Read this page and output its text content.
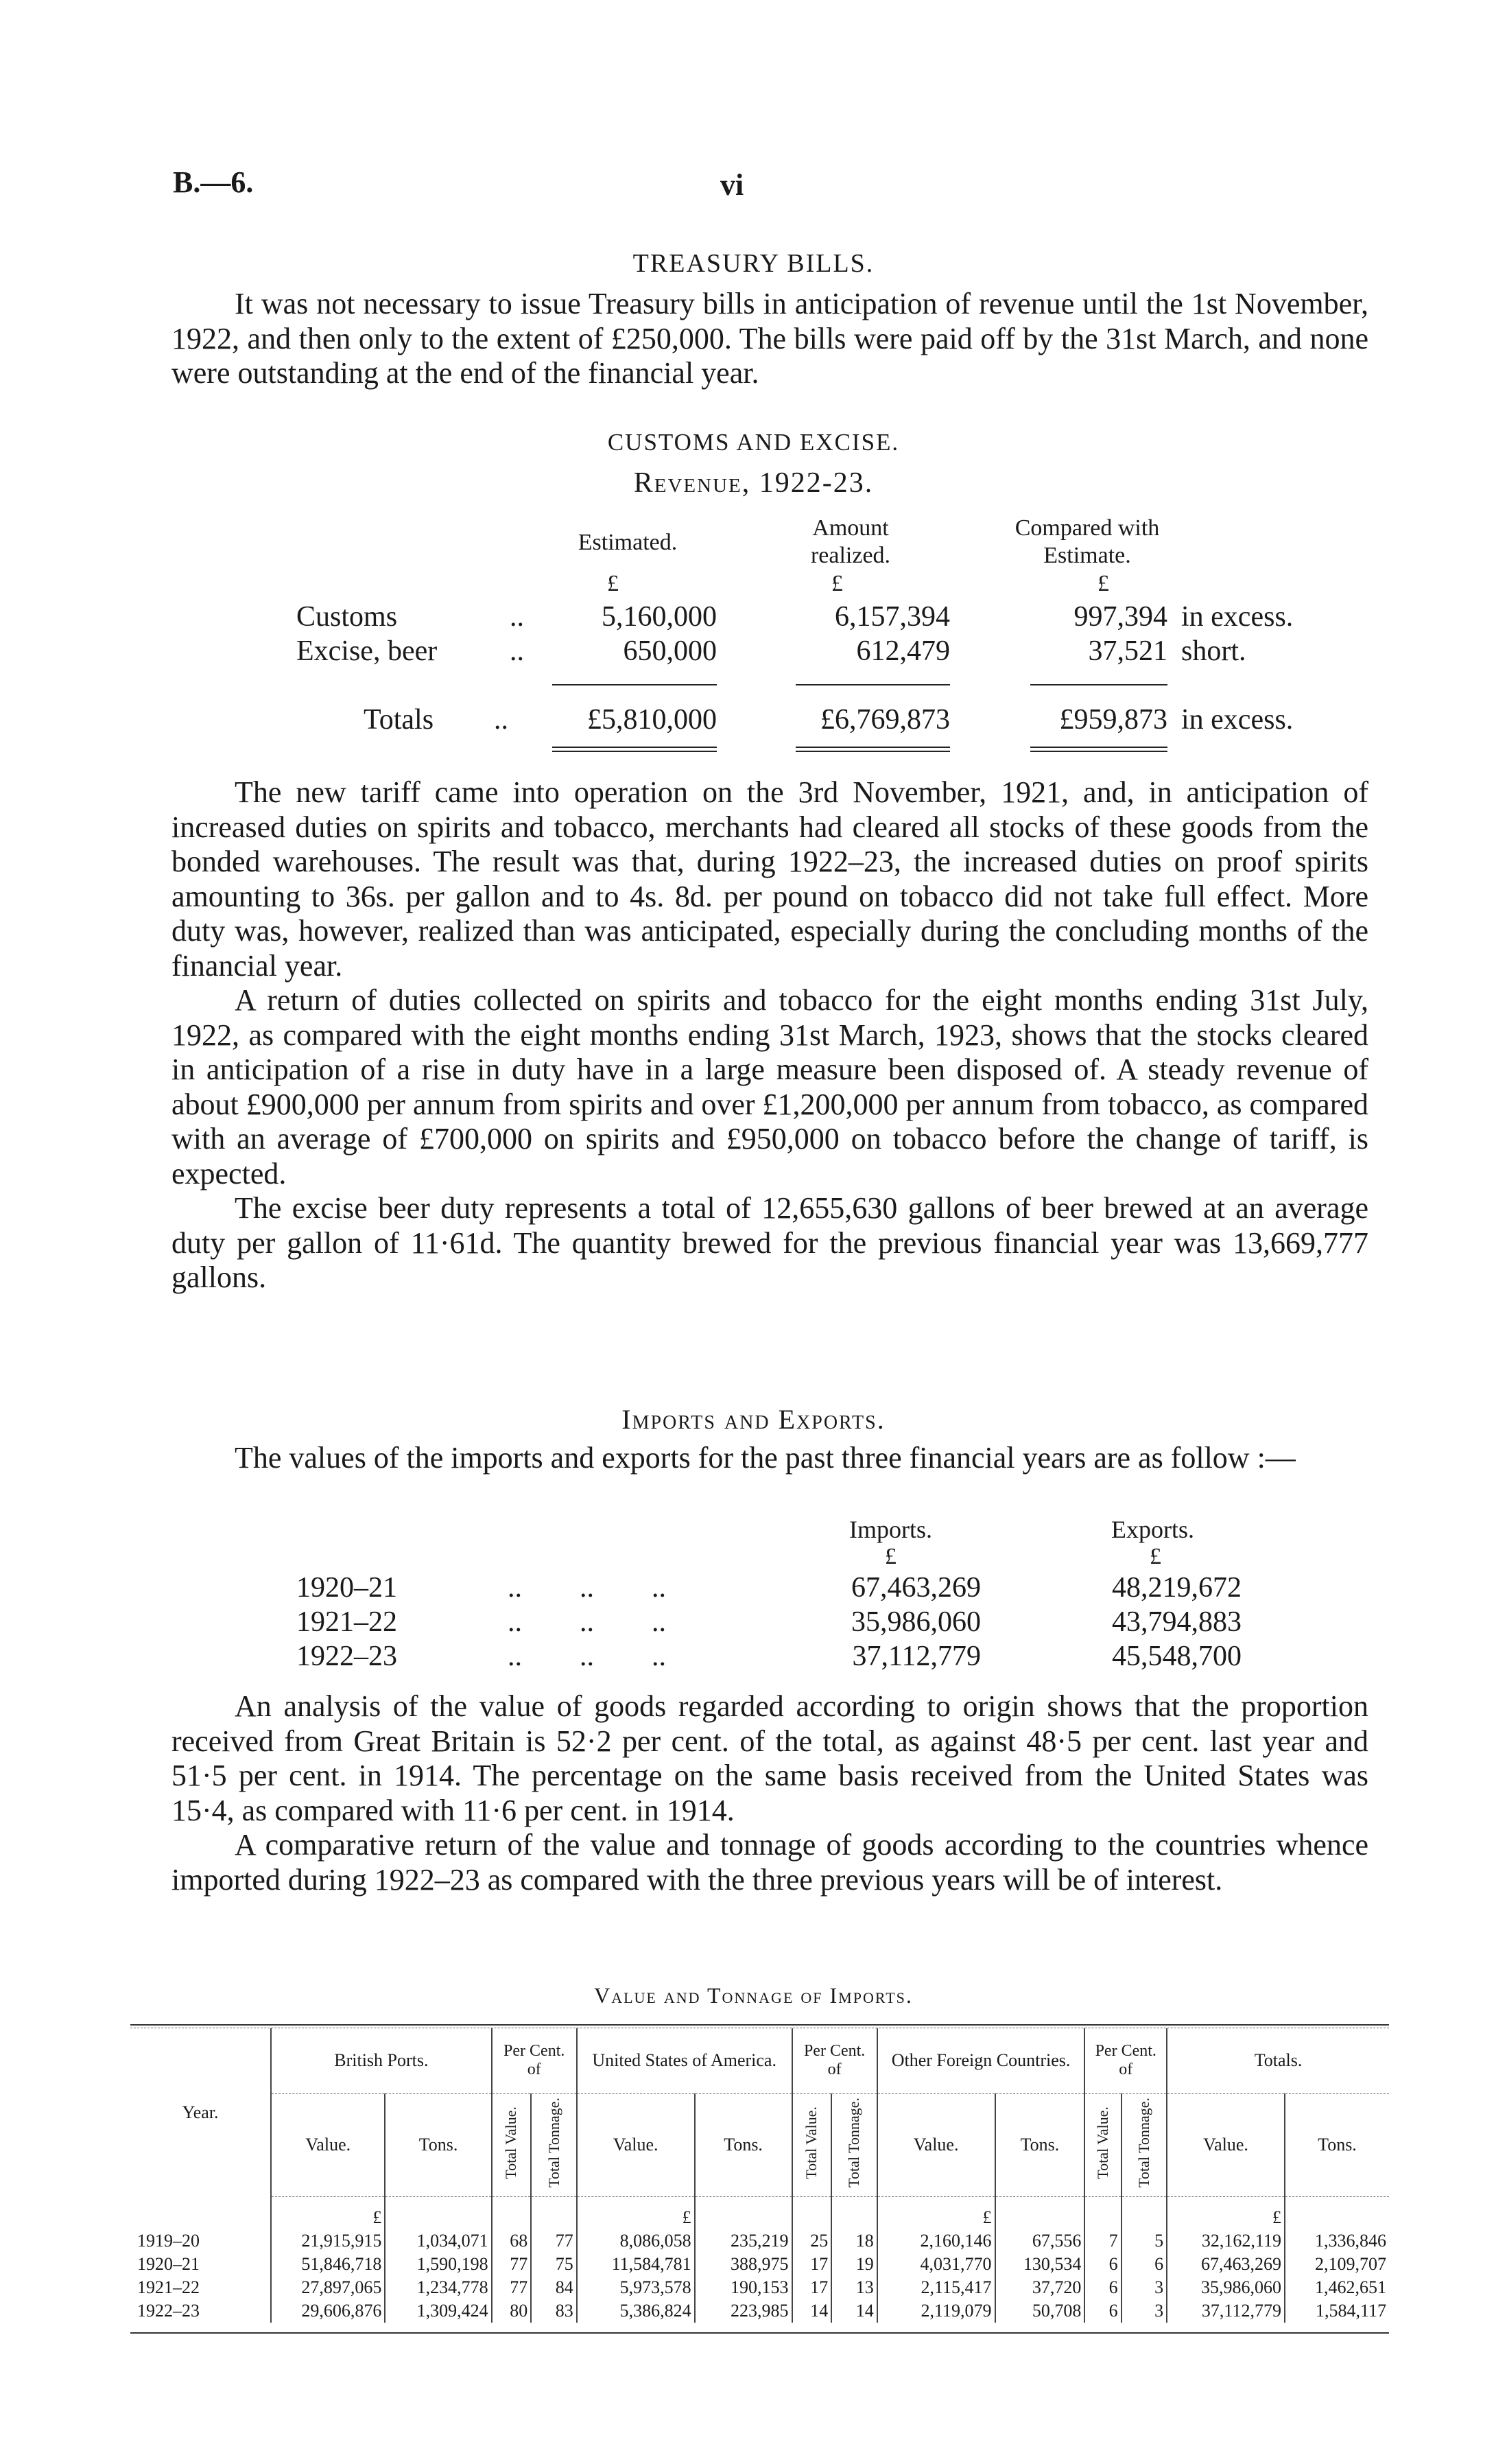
B.—6.	vi
TREASURY BILLS.

It was not necessary to issue Treasury bills in anticipation of revenue until the 1st November, 1922, and then only to the extent of £250,000. The bills were paid off by the 31st March, and none were outstanding at the end of the financial year.

CUSTOMS AND EXCISE.
Revenue, 1922-23.
Estimated.
Amount realized.
Compared with Estimate.
£	£	£
Customs	..	5,160,000	6,157,394	997,394 in excess.
Excise, beer	..	650,000	612,479	37,521 short.
Totals ..	£5,810,000	£6,769,873	£959,873 in excess.

The new tariff came into operation on the 3rd November, 1921, and, in anticipation of increased duties on spirits and tobacco, merchants had cleared all stocks of these goods from the bonded warehouses. The result was that, during 1922–23, the increased duties on proof spirits amounting to 36s. per gallon and to 4s. 8d. per pound on tobacco did not take full effect. More duty was, however, realized than was anticipated, especially during the concluding months of the financial year.

A return of duties collected on spirits and tobacco for the eight months ending 31st July, 1922, as compared with the eight months ending 31st March, 1923, shows that the stocks cleared in anticipation of a rise in duty have in a large measure been disposed of. A steady revenue of about £900,000 per annum from spirits and over £1,200,000 per annum from tobacco, as compared with an average of £700,000 on spirits and £950,000 on tobacco before the change of tariff, is expected.

The excise beer duty represents a total of 12,655,630 gallons of beer brewed at an average duty per gallon of 11·61d. The quantity brewed for the previous financial year was 13,669,777 gallons.

Imports and Exports.

The values of the imports and exports for the past three financial years are as follow :—

Imports.	Exports.
£	£
1920–21	..        ..        ..	67,463,269	48,219,672
1921–22	..        ..        ..	35,986,060	43,794,883
1922–23	..        ..        ..	37,112,779	45,548,700

An analysis of the value of goods regarded according to origin shows that the proportion received from Great Britain is 52·2 per cent. of the total, as against 48·5 per cent. last year and 51·5 per cent. in 1914. The percentage on the same basis received from the United States was 15·4, as compared with 11·6 per cent. in 1914.

A comparative return of the value and tonnage of goods according to the countries whence imported during 1922–23 as compared with the three previous years will be of interest.

Value and Tonnage of Imports.
Year.	British Ports.		Per Cent. of		United States of America.		Per Cent. of		Other Foreign Countries.		Per Cent. of		Totals.	
	Value.	Tons.	Total Value.	Total Tonnage.	Value.	Tons.	Total Value.	Total Tonnage.	Value.	Tons.	Total Value.	Total Tonnage.	Value.	Tons.
	£				£				£				£	
1919–20	21,915,915	1,034,071	68	77	8,086,058	235,219	25	18	2,160,146	67,556	7	5	32,162,119	1,336,846
1920–21	51,846,718	1,590,198	77	75	11,584,781	388,975	17	19	4,031,770	130,534	6	6	67,463,269	2,109,707
1921–22	27,897,065	1,234,778	77	84	5,973,578	190,153	17	13	2,115,417	37,720	6	3	35,986,060	1,462,651
1922–23	29,606,876	1,309,424	80	83	5,386,824	223,985	14	14	2,119,079	50,708	6	3	37,112,779	1,584,117
